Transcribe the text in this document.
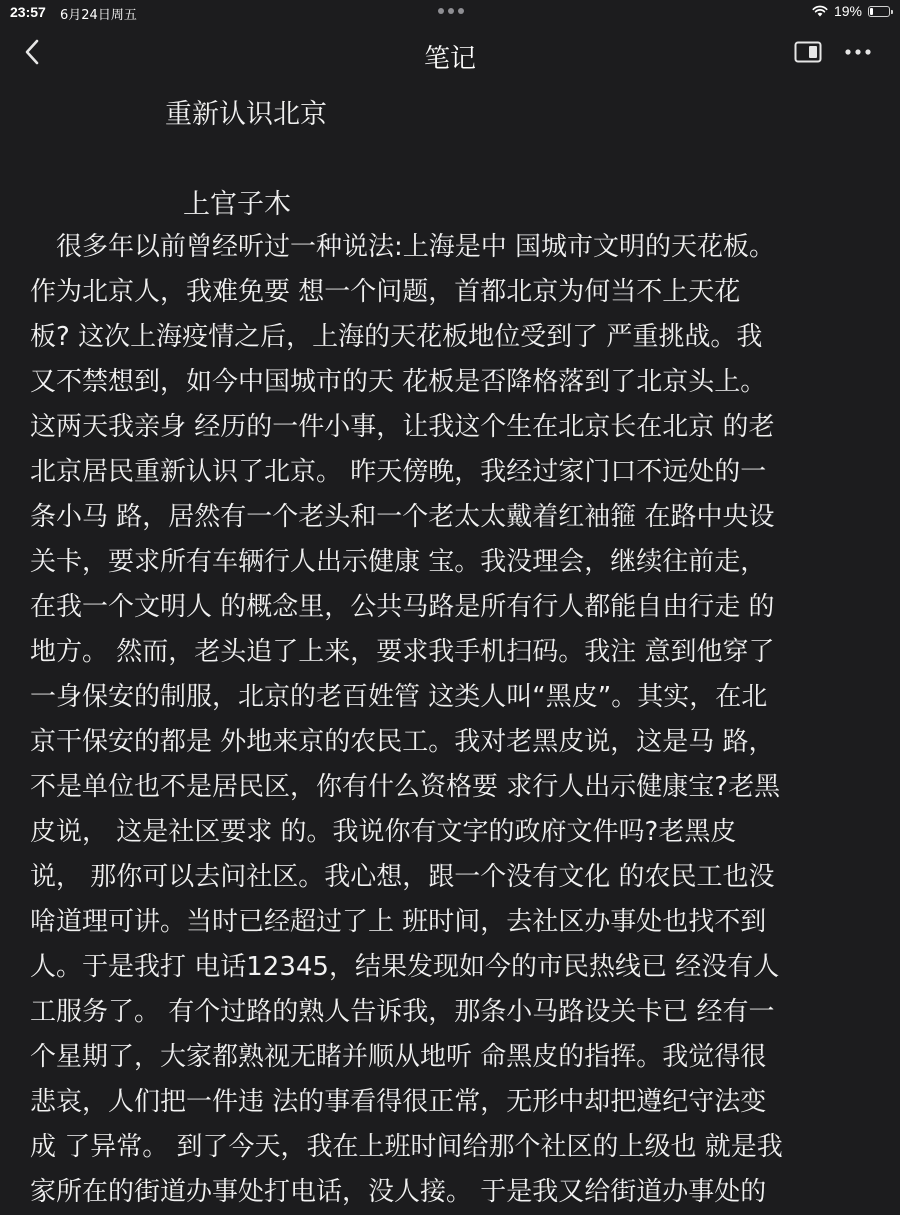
23:57 6月24日周五	19%
笔记
重新认识北京
上官子木
　很多年以前曾经听过一种说法:上海是中 国城市文明的天花板。
作为北京人，我难免要 想一个问题，首都北京为何当不上天花
板? 这次上海疫情之后，上海的天花板地位受到了 严重挑战。我
又不禁想到，如今中国城市的天 花板是否降格落到了北京头上。
这两天我亲身 经历的一件小事，让我这个生在北京长在北京 的老
北京居民重新认识了北京。 昨天傍晚，我经过家门口不远处的一
条小马 路，居然有一个老头和一个老太太戴着红袖箍 在路中央设
关卡，要求所有车辆行人出示健康 宝。我没理会，继续往前走，
在我一个文明人 的概念里，公共马路是所有行人都能自由行走 的
地方。 然而，老头追了上来，要求我手机扫码。我注 意到他穿了
一身保安的制服，北京的老百姓管 这类人叫“黑皮”。其实，在北
京干保安的都是 外地来京的农民工。我对老黑皮说，这是马 路，
不是单位也不是居民区，你有什么资格要 求行人出示健康宝?老黑
皮说， 这是社区要求 的。我说你有文字的政府文件吗?老黑皮
说， 那你可以去问社区。我心想，跟一个没有文化 的农民工也没
啥道理可讲。当时已经超过了上 班时间，去社区办事处也找不到
人。于是我打 电话12345，结果发现如今的市民热线已 经没有人
工服务了。 有个过路的熟人告诉我，那条小马路设关卡已 经有一
个星期了，大家都熟视无睹并顺从地听 命黑皮的指挥。我觉得很
悲哀，人们把一件违 法的事看得很正常，无形中却把遵纪守法变
成 了异常。 到了今天，我在上班时间给那个社区的上级也 就是我
家所在的街道办事处打电话，没人接。 于是我又给街道办事处的
